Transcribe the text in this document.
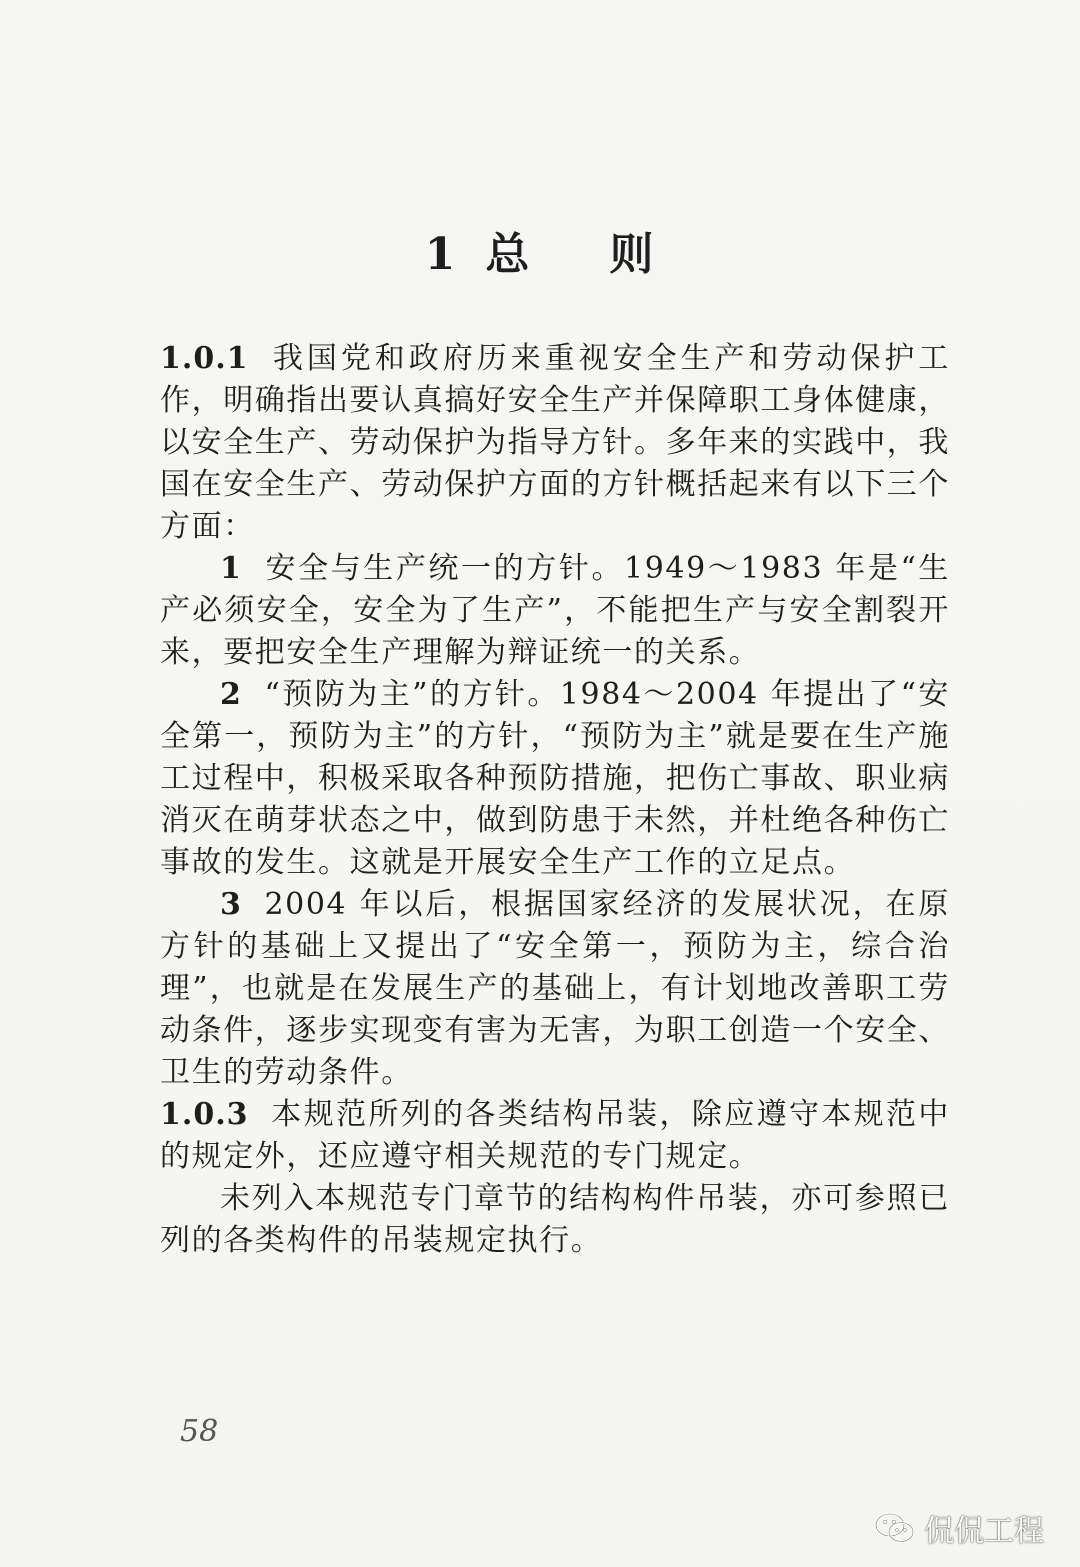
1 总 则

1.0.1 我国党和政府历来重视安全生产和劳动保护工作，明确指出要认真搞好安全生产并保障职工身体健康，以安全生产、劳动保护为指导方针。多年来的实践中，我国在安全生产、劳动保护方面的方针概括起来有以下三个方面：

1 安全与生产统一的方针。1949～1983 年是“生产必须安全，安全为了生产”，不能把生产与安全割裂开来，要把安全生产理解为辩证统一的关系。

2 “预防为主”的方针。1984～2004 年提出了“安全第一，预防为主”的方针，“预防为主”就是要在生产施工过程中，积极采取各种预防措施，把伤亡事故、职业病消灭在萌芽状态之中，做到防患于未然，并杜绝各种伤亡事故的发生。这就是开展安全生产工作的立足点。

3 2004 年以后，根据国家经济的发展状况，在原方针的基础上又提出了“安全第一，预防为主，综合治理”，也就是在发展生产的基础上，有计划地改善职工劳动条件，逐步实现变有害为无害，为职工创造一个安全、卫生的劳动条件。

1.0.3 本规范所列的各类结构吊装，除应遵守本规范中的规定外，还应遵守相关规范的专门规定。

未列入本规范专门章节的结构构件吊装，亦可参照已列的各类构件的吊装规定执行。

58
侃侃工程
